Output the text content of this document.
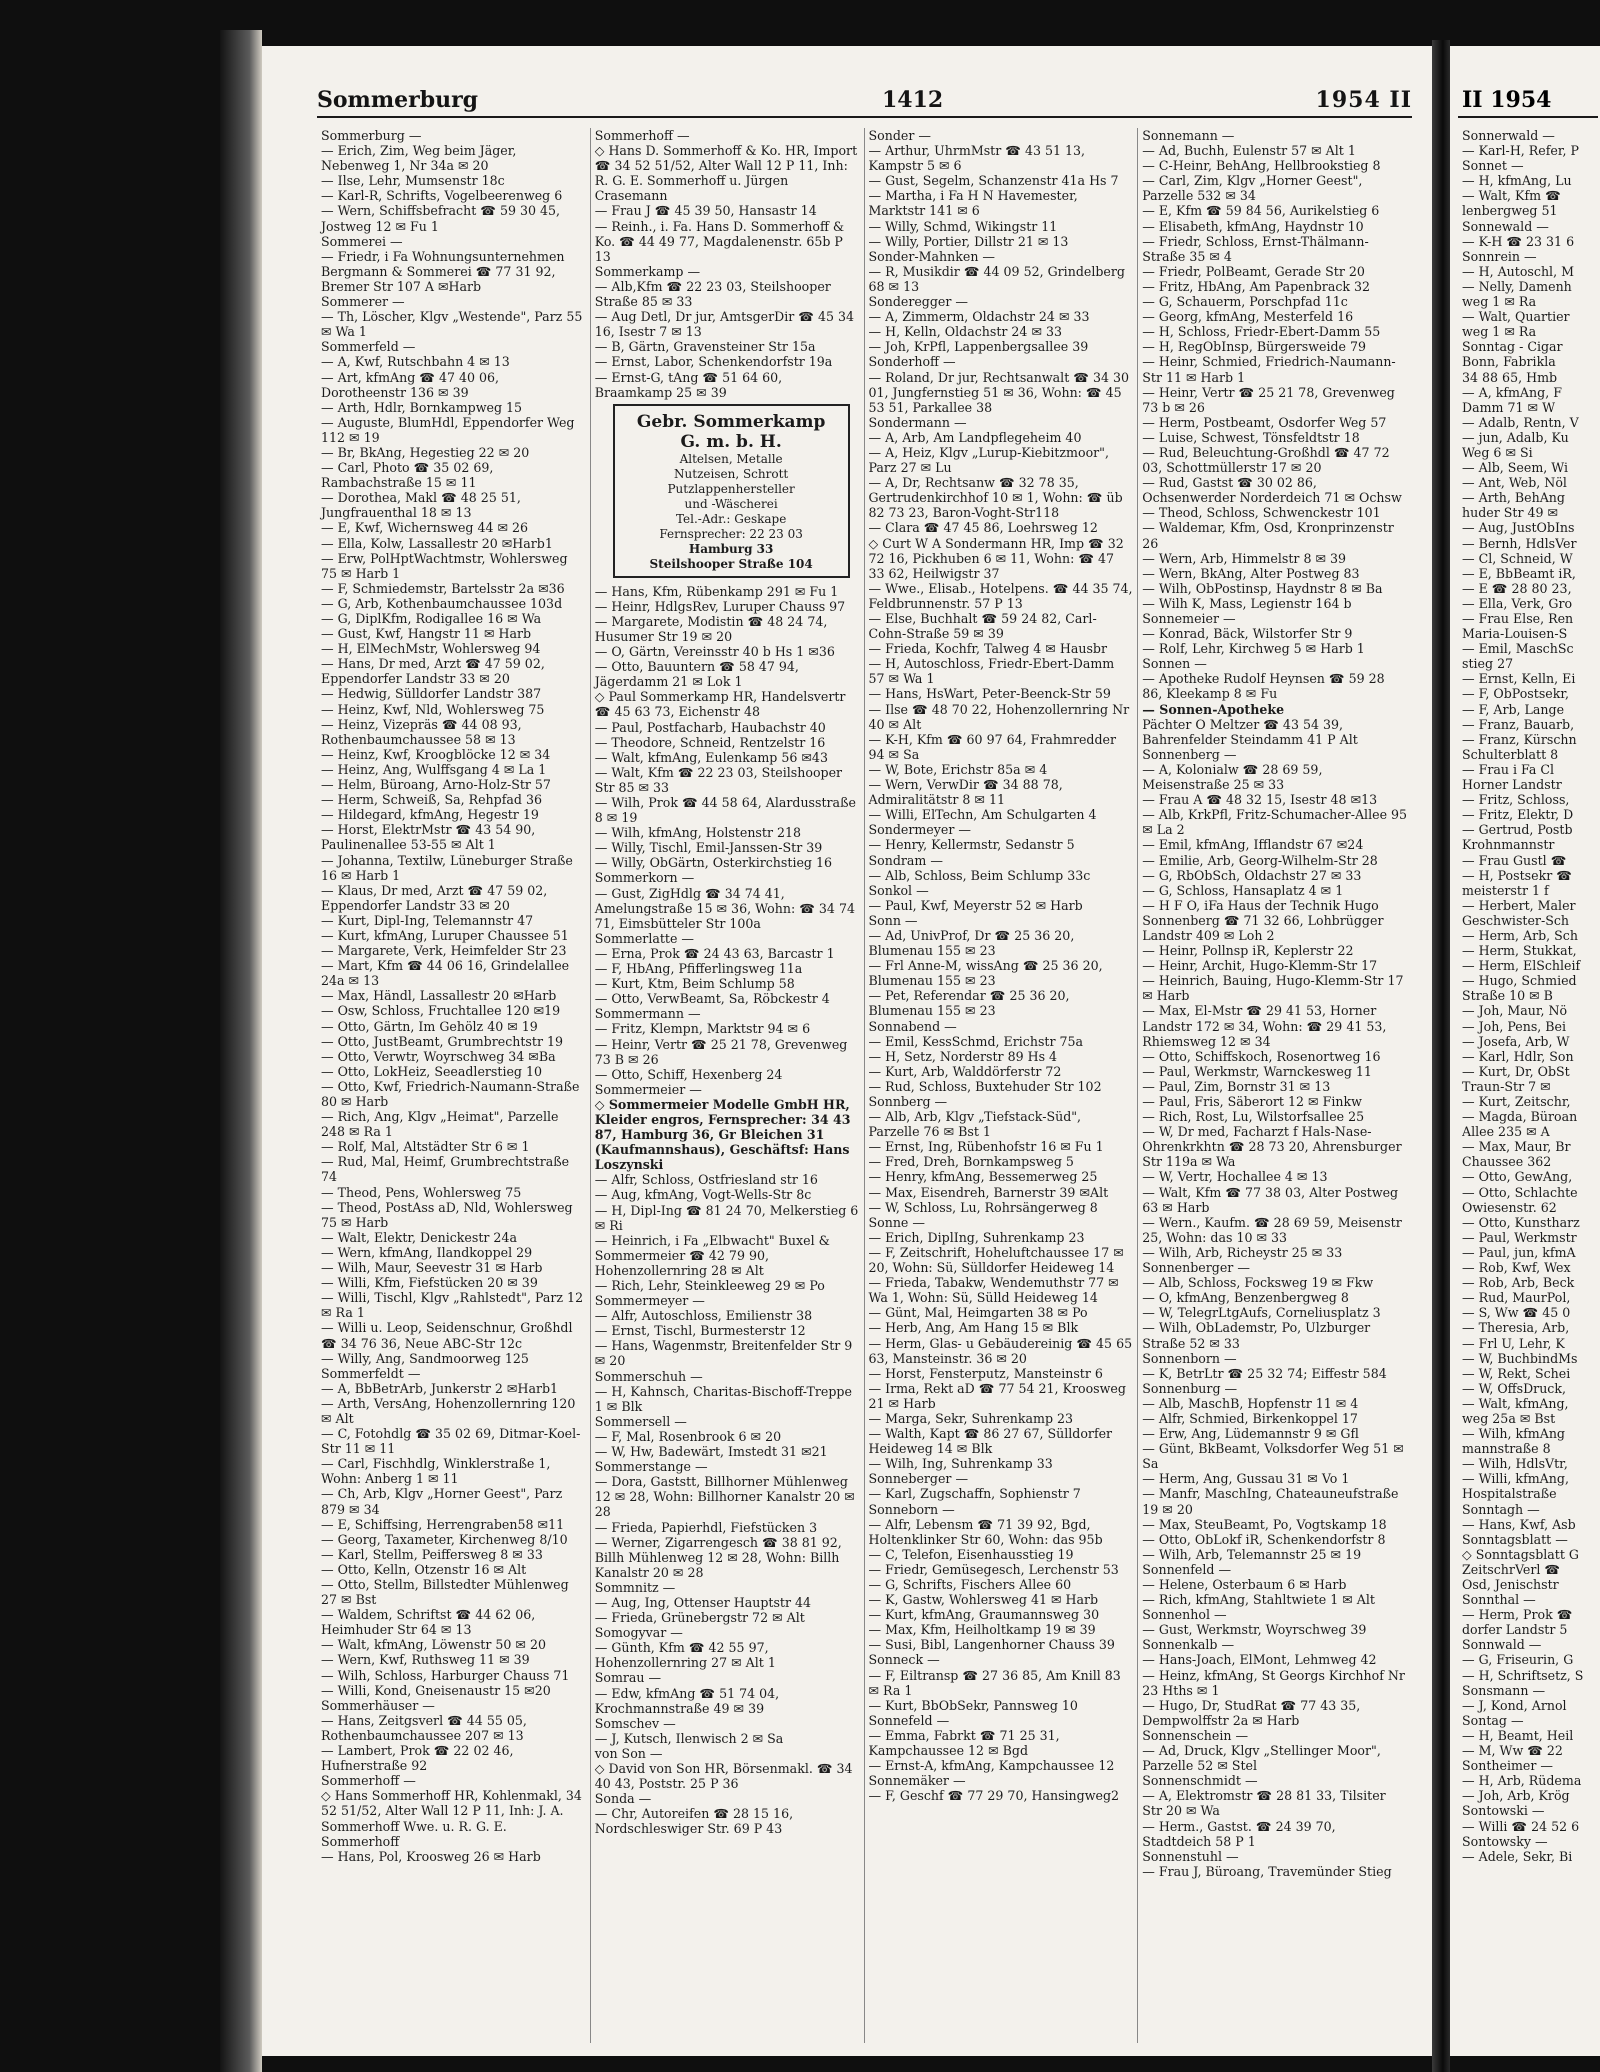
Sommerburg	1412	1954 II
Sommerburg —
— Erich, Zim, Weg beim Jäger, Nebenweg 1, Nr 34a ✉ 20
— Ilse, Lehr, Mumsenstr 18c
— Karl-R, Schrifts, Vogelbeerenweg 6
— Wern, Schiffsbefracht ☎ 59 30 45, Jostweg 12 ✉ Fu 1
Sommerei —
— Friedr, i Fa Wohnungsunternehmen Bergmann & Sommerei ☎ 77 31 92, Bremer Str 107 A ✉Harb
Sommerer —
— Th, Löscher, Klgv „Westende", Parz 55 ✉ Wa 1
Sommerfeld —
— A, Kwf, Rutschbahn 4 ✉ 13
— Art, kfmAng ☎ 47 40 06, Dorotheenstr 136 ✉ 39
— Arth, Hdlr, Bornkampweg 15
— Auguste, BlumHdl, Eppendorfer Weg 112 ✉ 19
— Br, BkAng, Hegestieg 22 ✉ 20
— Carl, Photo ☎ 35 02 69, Rambachstraße 15 ✉ 11
— Dorothea, Makl ☎ 48 25 51, Jungfrauenthal 18 ✉ 13
— E, Kwf, Wichernsweg 44 ✉ 26
— Ella, Kolw, Lassallestr 20 ✉Harb1
— Erw, PolHptWachtmstr, Wohlersweg 75 ✉ Harb 1
— F, Schmiedemstr, Bartelsstr 2a ✉36
— G, Arb, Kothenbaumchaussee 103d
— G, DiplKfm, Rodigallee 16 ✉ Wa
— Gust, Kwf, Hangstr 11 ✉ Harb
— H, ElMechMstr, Wohlersweg 94
— Hans, Dr med, Arzt ☎ 47 59 02, Eppendorfer Landstr 33 ✉ 20
— Hedwig, Sülldorfer Landstr 387
— Heinz, Kwf, Nld, Wohlersweg 75
— Heinz, Vizepräs ☎ 44 08 93, Rothenbaumchaussee 58 ✉ 13
— Heinz, Kwf, Kroogblöcke 12 ✉ 34
— Heinz, Ang, Wulffsgang 4 ✉ La 1
— Helm, Büroang, Arno-Holz-Str 57
— Herm, Schweiß, Sa, Rehpfad 36
— Hildegard, kfmAng, Hegestr 19
— Horst, ElektrMstr ☎ 43 54 90, Paulinenallee 53-55 ✉ Alt 1
— Johanna, Textilw, Lüneburger Straße 16 ✉ Harb 1
— Klaus, Dr med, Arzt ☎ 47 59 02, Eppendorfer Landstr 33 ✉ 20
— Kurt, Dipl-Ing, Telemannstr 47
— Kurt, kfmAng, Luruper Chaussee 51
— Margarete, Verk, Heimfelder Str 23
— Mart, Kfm ☎ 44 06 16, Grindelallee 24a ✉ 13
— Max, Händl, Lassallestr 20 ✉Harb
— Osw, Schloss, Fruchtallee 120 ✉19
— Otto, Gärtn, Im Gehölz 40 ✉ 19
— Otto, JustBeamt, Grumbrechtstr 19
— Otto, Verwtr, Woyrschweg 34 ✉Ba
— Otto, LokHeiz, Seeadlerstieg 10
— Otto, Kwf, Friedrich-Naumann-Straße 80 ✉ Harb
— Rich, Ang, Klgv „Heimat", Parzelle 248 ✉ Ra 1
— Rolf, Mal, Altstädter Str 6 ✉ 1
— Rud, Mal, Heimf, Grumbrechtstraße 74
— Theod, Pens, Wohlersweg 75
— Theod, PostAss aD, Nld, Wohlersweg 75 ✉ Harb
— Walt, Elektr, Denickestr 24a
— Wern, kfmAng, Ilandkoppel 29
— Wilh, Maur, Seevestr 31 ✉ Harb
— Willi, Kfm, Fiefstücken 20 ✉ 39
— Willi, Tischl, Klgv „Rahlstedt", Parz 12 ✉ Ra 1
— Willi u. Leop, Seidenschnur, Großhdl ☎ 34 76 36, Neue ABC-Str 12c
— Willy, Ang, Sandmoorweg 125
Sommerfeldt —
— A, BbBetrArb, Junkerstr 2 ✉Harb1
— Arth, VersAng, Hohenzollernring 120 ✉ Alt
— C, Fotohdlg ☎ 35 02 69, Ditmar-Koel-Str 11 ✉ 11
— Carl, Fischhdlg, Winklerstraße 1, Wohn: Anberg 1 ✉ 11
— Ch, Arb, Klgv „Horner Geest", Parz 879 ✉ 34
— E, Schiffsing, Herrengraben58 ✉11
— Georg, Taxameter, Kirchenweg 8/10
— Karl, Stellm, Peiffersweg 8 ✉ 33
— Otto, Kelln, Otzenstr 16 ✉ Alt
— Otto, Stellm, Billstedter Mühlenweg 27 ✉ Bst
— Waldem, Schriftst ☎ 44 62 06, Heimhuder Str 64 ✉ 13
— Walt, kfmAng, Löwenstr 50 ✉ 20
— Wern, Kwf, Ruthsweg 11 ✉ 39
— Wilh, Schloss, Harburger Chauss 71
— Willi, Kond, Gneisenaustr 15 ✉20
Sommerhäuser —
— Hans, Zeitgsverl ☎ 44 55 05, Rothenbaumchaussee 207 ✉ 13
— Lambert, Prok ☎ 22 02 46, Hufnerstraße 92
Sommerhoff —
◇ Hans Sommerhoff HR, Kohlenmakl, 34 52 51/52, Alter Wall 12 P 11, Inh: J. A. Sommerhoff Wwe. u. R. G. E. Sommerhoff
— Hans, Pol, Kroosweg 26 ✉ Harb
Sommerhoff —
◇ Hans D. Sommerhoff & Ko. HR, Import ☎ 34 52 51/52, Alter Wall 12 P 11, Inh: R. G. E. Sommerhoff u. Jürgen Crasemann
— Frau J ☎ 45 39 50, Hansastr 14
— Reinh., i. Fa. Hans D. Sommerhoff & Ko. ☎ 44 49 77, Magdalenenstr. 65b P 13
Sommerkamp —
— Alb,Kfm ☎ 22 23 03, Steilshooper Straße 85 ✉ 33
— Aug Detl, Dr jur, AmtsgerDir ☎ 45 34 16, Isestr 7 ✉ 13
— B, Gärtn, Gravensteiner Str 15a
— Ernst, Labor, Schenkendorfstr 19a
— Ernst-G, tAng ☎ 51 64 60, Braamkamp 25 ✉ 39
Gebr. Sommerkamp
G. m. b. H.
Altelsen, Metalle
Nutzeisen, Schrott
Putzlappenhersteller
und -Wäscherei
Tel.-Adr.: Geskape
Fernsprecher: 22 23 03
Hamburg 33
Steilshooper Straße 104
— Hans, Kfm, Rübenkamp 291 ✉ Fu 1
— Heinr, HdlgsRev, Luruper Chauss 97
— Margarete, Modistin ☎ 48 24 74, Husumer Str 19 ✉ 20
— O, Gärtn, Vereinsstr 40 b Hs 1 ✉36
— Otto, Bauuntern ☎ 58 47 94, Jägerdamm 21 ✉ Lok 1
◇ Paul Sommerkamp HR, Handelsvertr ☎ 45 63 73, Eichenstr 48
— Paul, Postfacharb, Haubachstr 40
— Theodore, Schneid, Rentzelstr 16
— Walt, kfmAng, Eulenkamp 56 ✉43
— Walt, Kfm ☎ 22 23 03, Steilshooper Str 85 ✉ 33
— Wilh, Prok ☎ 44 58 64, Alardusstraße 8 ✉ 19
— Wilh, kfmAng, Holstenstr 218
— Willy, Tischl, Emil-Janssen-Str 39
— Willy, ObGärtn, Osterkirchstieg 16
Sommerkorn —
— Gust, ZigHdlg ☎ 34 74 41, Amelungstraße 15 ✉ 36, Wohn: ☎ 34 74 71, Eimsbütteler Str 100a
Sommerlatte —
— Erna, Prok ☎ 24 43 63, Barcastr 1
— F, HbAng, Pfifferlingsweg 11a
— Kurt, Ktm, Beim Schlump 58
— Otto, VerwBeamt, Sa, Röbckestr 4
Sommermann —
— Fritz, Klempn, Marktstr 94 ✉ 6
— Heinr, Vertr ☎ 25 21 78, Grevenweg 73 B ✉ 26
— Otto, Schiff, Hexenberg 24
Sommermeier —
◇ Sommermeier Modelle GmbH HR, Kleider engros, Fernsprecher: 34 43 87, Hamburg 36, Gr Bleichen 31 (Kaufmannshaus), Geschäftsf: Hans Loszynski
— Alfr, Schloss, Ostfriesland str 16
— Aug, kfmAng, Vogt-Wells-Str 8c
— H, Dipl-Ing ☎ 81 24 70, Melkerstieg 6 ✉ Ri
— Heinrich, i Fa „Elbwacht" Buxel & Sommermeier ☎ 42 79 90, Hohenzollernring 28 ✉ Alt
— Rich, Lehr, Steinkleeweg 29 ✉ Po
Sommermeyer —
— Alfr, Autoschloss, Emilienstr 38
— Ernst, Tischl, Burmesterstr 12
— Hans, Wagenmstr, Breitenfelder Str 9 ✉ 20
Sommerschuh —
— H, Kahnsch, Charitas-Bischoff-Treppe 1 ✉ Blk
Sommersell —
— F, Mal, Rosenbrook 6 ✉ 20
— W, Hw, Badewärt, Imstedt 31 ✉21
Sommerstange —
— Dora, Gaststt, Billhorner Mühlenweg 12 ✉ 28, Wohn: Billhorner Kanalstr 20 ✉ 28
— Frieda, Papierhdl, Fiefstücken 3
— Werner, Zigarrengesch ☎ 38 81 92, Billh Mühlenweg 12 ✉ 28, Wohn: Billh Kanalstr 20 ✉ 28
Sommnitz —
— Aug, Ing, Ottenser Hauptstr 44
— Frieda, Grünebergstr 72 ✉ Alt
Somogyvar —
— Günth, Kfm ☎ 42 55 97, Hohenzollernring 27 ✉ Alt 1
Somrau —
— Edw, kfmAng ☎ 51 74 04, Krochmannstraße 49 ✉ 39
Somschev —
— J, Kutsch, Ilenwisch 2 ✉ Sa
von Son —
◇ David von Son HR, Börsenmakl. ☎ 34 40 43, Poststr. 25 P 36
Sonda —
— Chr, Autoreifen ☎ 28 15 16, Nordschleswiger Str. 69 P 43
Sonder —
— Arthur, UhrmMstr ☎ 43 51 13, Kampstr 5 ✉ 6
— Gust, Segelm, Schanzenstr 41a Hs 7
— Martha, i Fa H N Havemester, Marktstr 141 ✉ 6
— Willy, Schmd, Wikingstr 11
— Willy, Portier, Dillstr 21 ✉ 13
Sonder-Mahnken —
— R, Musikdir ☎ 44 09 52, Grindelberg 68 ✉ 13
Sonderegger —
— A, Zimmerm, Oldachstr 24 ✉ 33
— H, Kelln, Oldachstr 24 ✉ 33
— Joh, KrPfl, Lappenbergsallee 39
Sonderhoff —
— Roland, Dr jur, Rechtsanwalt ☎ 34 30 01, Jungfernstieg 51 ✉ 36, Wohn: ☎ 45 53 51, Parkallee 38
Sondermann —
— A, Arb, Am Landpflegeheim 40
— A, Heiz, Klgv „Lurup-Kiebitzmoor", Parz 27 ✉ Lu
— A, Dr, Rechtsanw ☎ 32 78 35, Gertrudenkirchhof 10 ✉ 1, Wohn: ☎ üb 82 73 23, Baron-Voght-Str118
— Clara ☎ 47 45 86, Loehrsweg 12
◇ Curt W A Sondermann HR, Imp ☎ 32 72 16, Pickhuben 6 ✉ 11, Wohn: ☎ 47 33 62, Heilwigstr 37
— Wwe., Elisab., Hotelpens. ☎ 44 35 74, Feldbrunnenstr. 57 P 13
— Else, Buchhalt ☎ 59 24 82, Carl-Cohn-Straße 59 ✉ 39
— Frieda, Kochfr, Talweg 4 ✉ Hausbr
— H, Autoschloss, Friedr-Ebert-Damm 57 ✉ Wa 1
— Hans, HsWart, Peter-Beenck-Str 59
— Ilse ☎ 48 70 22, Hohenzollernring Nr 40 ✉ Alt
— K-H, Kfm ☎ 60 97 64, Frahmredder 94 ✉ Sa
— W, Bote, Erichstr 85a ✉ 4
— Wern, VerwDir ☎ 34 88 78, Admiralitätstr 8 ✉ 11
— Willi, ElTechn, Am Schulgarten 4
Sondermeyer —
— Henry, Kellermstr, Sedanstr 5
Sondram —
— Alb, Schloss, Beim Schlump 33c
Sonkol —
— Paul, Kwf, Meyerstr 52 ✉ Harb
Sonn —
— Ad, UnivProf, Dr ☎ 25 36 20, Blumenau 155 ✉ 23
— Frl Anne-M, wissAng ☎ 25 36 20, Blumenau 155 ✉ 23
— Pet, Referendar ☎ 25 36 20, Blumenau 155 ✉ 23
Sonnabend —
— Emil, KessSchmd, Erichstr 75a
— H, Setz, Norderstr 89 Hs 4
— Kurt, Arb, Walddörferstr 72
— Rud, Schloss, Buxtehuder Str 102
Sonnberg —
— Alb, Arb, Klgv „Tiefstack-Süd", Parzelle 76 ✉ Bst 1
— Ernst, Ing, Rübenhofstr 16 ✉ Fu 1
— Fred, Dreh, Bornkampsweg 5
— Henry, kfmAng, Bessemerweg 25
— Max, Eisendreh, Barnerstr 39 ✉Alt
— W, Schloss, Lu, Rohrsängerweg 8
Sonne —
— Erich, DiplIng, Suhrenkamp 23
— F, Zeitschrift, Hoheluftchaussee 17 ✉20, Wohn: Sü, Sülldorfer Heideweg 14
— Frieda, Tabakw, Wendemuthstr 77 ✉ Wa 1, Wohn: Sü, Sülld Heideweg 14
— Günt, Mal, Heimgarten 38 ✉ Po
— Herb, Ang, Am Hang 15 ✉ Blk
— Herm, Glas- u Gebäudereinig ☎ 45 65 63, Mansteinstr. 36 ✉ 20
— Horst, Fensterputz, Mansteinstr 6
— Irma, Rekt aD ☎ 77 54 21, Kroosweg 21 ✉ Harb
— Marga, Sekr, Suhrenkamp 23
— Walth, Kapt ☎ 86 27 67, Sülldorfer Heideweg 14 ✉ Blk
— Wilh, Ing, Suhrenkamp 33
Sonneberger —
— Karl, Zugschaffn, Sophienstr 7
Sonneborn —
— Alfr, Lebensm ☎ 71 39 92, Bgd, Holtenklinker Str 60, Wohn: das 95b
— C, Telefon, Eisenhausstieg 19
— Friedr, Gemüsegesch, Lerchenstr 53
— G, Schrifts, Fischers Allee 60
— K, Gastw, Wohlersweg 41 ✉ Harb
— Kurt, kfmAng, Graumannsweg 30
— Max, Kfm, Heilholtkamp 19 ✉ 39
— Susi, Bibl, Langenhorner Chauss 39
Sonneck —
— F, Eiltransp ☎ 27 36 85, Am Knill 83 ✉ Ra 1
— Kurt, BbObSekr, Pannsweg 10
Sonnefeld —
— Emma, Fabrkt ☎ 71 25 31, Kampchaussee 12 ✉ Bgd
— Ernst-A, kfmAng, Kampchaussee 12
Sonnemäker —
— F, Geschf ☎ 77 29 70, Hansingweg2
Sonnemann —
— Ad, Buchh, Eulenstr 57 ✉ Alt 1
— C-Heinr, BehAng, Hellbrookstieg 8
— Carl, Zim, Klgv „Horner Geest", Parzelle 532 ✉ 34
— E, Kfm ☎ 59 84 56, Aurikelstieg 6
— Elisabeth, kfmAng, Haydnstr 10
— Friedr, Schloss, Ernst-Thälmann-Straße 35 ✉ 4
— Friedr, PolBeamt, Gerade Str 20
— Fritz, HbAng, Am Papenbrack 32
— G, Schauerm, Porschpfad 11c
— Georg, kfmAng, Mesterfeld 16
— H, Schloss, Friedr-Ebert-Damm 55
— H, RegObInsp, Bürgersweide 79
— Heinr, Schmied, Friedrich-Naumann-Str 11 ✉ Harb 1
— Heinr, Vertr ☎ 25 21 78, Grevenweg 73 b ✉ 26
— Herm, Postbeamt, Osdorfer Weg 57
— Luise, Schwest, Tönsfeldtstr 18
— Rud, Beleuchtung-Großhdl ☎ 47 72 03, Schottmüllerstr 17 ✉ 20
— Rud, Gastst ☎ 30 02 86, Ochsenwerder Norderdeich 71 ✉ Ochsw
— Theod, Schloss, Schwenckestr 101
— Waldemar, Kfm, Osd, Kronprinzenstr 26
— Wern, Arb, Himmelstr 8 ✉ 39
— Wern, BkAng, Alter Postweg 83
— Wilh, ObPostinsp, Haydnstr 8 ✉ Ba
— Wilh K, Mass, Legienstr 164 b
Sonnemeier —
— Konrad, Bäck, Wilstorfer Str 9
— Rolf, Lehr, Kirchweg 5 ✉ Harb 1
Sonnen —
— Apotheke Rudolf Heynsen ☎ 59 28 86, Kleekamp 8 ✉ Fu
— Sonnen-Apotheke
Pächter O Meltzer ☎ 43 54 39, Bahrenfelder Steindamm 41 P Alt
Sonnenberg —
— A, Kolonialw ☎ 28 69 59, Meisenstraße 25 ✉ 33
— Frau A ☎ 48 32 15, Isestr 48 ✉13
— Alb, KrkPfl, Fritz-Schumacher-Allee 95 ✉ La 2
— Emil, kfmAng, Ifflandstr 67 ✉24
— Emilie, Arb, Georg-Wilhelm-Str 28
— G, RbObSch, Oldachstr 27 ✉ 33
— G, Schloss, Hansaplatz 4 ✉ 1
— H F O, iFa Haus der Technik Hugo Sonnenberg ☎ 71 32 66, Lohbrügger Landstr 409 ✉ Loh 2
— Heinr, Pollnsp iR, Keplerstr 22
— Heinr, Archit, Hugo-Klemm-Str 17
— Heinrich, Bauing, Hugo-Klemm-Str 17 ✉ Harb
— Max, El-Mstr ☎ 29 41 53, Horner Landstr 172 ✉ 34, Wohn: ☎ 29 41 53, Rhiemsweg 12 ✉ 34
— Otto, Schiffskoch, Rosenortweg 16
— Paul, Werkmstr, Warnckesweg 11
— Paul, Zim, Bornstr 31 ✉ 13
— Paul, Fris, Säberort 12 ✉ Finkw
— Rich, Rost, Lu, Wilstorfsallee 25
— W, Dr med, Facharzt f Hals-Nase-Ohrenkrkhtn ☎ 28 73 20, Ahrensburger Str 119a ✉ Wa
— W, Vertr, Hochallee 4 ✉ 13
— Walt, Kfm ☎ 77 38 03, Alter Postweg 63 ✉ Harb
— Wern., Kaufm. ☎ 28 69 59, Meisenstr 25, Wohn: das 10 ✉ 33
— Wilh, Arb, Richeystr 25 ✉ 33
Sonnenberger —
— Alb, Schloss, Focksweg 19 ✉ Fkw
— O, kfmAng, Benzenbergweg 8
— W, TelegrLtgAufs, Corneliusplatz 3
— Wilh, ObLademstr, Po, Ulzburger Straße 52 ✉ 33
Sonnenborn —
— K, BetrLtr ☎ 25 32 74; Eiffestr 584
Sonnenburg —
— Alb, MaschB, Hopfenstr 11 ✉ 4
— Alfr, Schmied, Birkenkoppel 17
— Erw, Ang, Lüdemannstr 9 ✉ Gfl
— Günt, BkBeamt, Volksdorfer Weg 51 ✉ Sa
— Herm, Ang, Gussau 31 ✉ Vo 1
— Manfr, MaschIng, Chateauneufstraße 19 ✉ 20
— Max, SteuBeamt, Po, Vogtskamp 18
— Otto, ObLokf iR, Schenkendorfstr 8
— Wilh, Arb, Telemannstr 25 ✉ 19
Sonnenfeld —
— Helene, Osterbaum 6 ✉ Harb
— Rich, kfmAng, Stahltwiete 1 ✉ Alt
Sonnenhol —
— Gust, Werkmstr, Woyrschweg 39
Sonnenkalb —
— Hans-Joach, ElMont, Lehmweg 42
— Heinz, kfmAng, St Georgs Kirchhof Nr 23 Hths ✉ 1
— Hugo, Dr, StudRat ☎ 77 43 35, Dempwolffstr 2a ✉ Harb
Sonnenschein —
— Ad, Druck, Klgv „Stellinger Moor", Parzelle 52 ✉ Stel
Sonnenschmidt —
— A, Elektromstr ☎ 28 81 33, Tilsiter Str 20 ✉ Wa
— Herm., Gastst. ☎ 24 39 70, Stadtdeich 58 P 1
Sonnenstuhl —
— Frau J, Büroang, Travemünder Stieg
II 1954
Sonnerwald —
— Karl-H, Refer, P
Sonnet —
— H, kfmAng, Lu
— Walt, Kfm ☎
lenbergweg 51
Sonnewald —
— K-H ☎ 23 31 6
Sonnrein —
— H, Autoschl, M
— Nelly, Damenh
weg 1 ✉ Ra
— Walt, Quartier
weg 1 ✉ Ra
Sonntag - Cigar
Bonn, Fabrikla
34 88 65, Hmb
— A, kfmAng, F
Damm 71 ✉ W
— Adalb, Rentn, V
— jun, Adalb, Ku
Weg 6 ✉ Si
— Alb, Seem, Wi
— Ant, Web, Nöl
— Arth, BehAng
huder Str 49 ✉
— Aug, JustObIns
— Bernh, HdlsVer
— Cl, Schneid, W
— E, BbBeamt iR,
— E ☎ 28 80 23,
— Ella, Verk, Gro
— Frau Else, Ren
Maria-Louisen-S
— Emil, MaschSc
stieg 27
— Ernst, Kelln, Ei
— F, ObPostsekr,
— F, Arb, Lange
— Franz, Bauarb,
— Franz, Kürschn
Schulterblatt 8
— Frau i Fa Cl
Horner Landstr
— Fritz, Schloss,
— Fritz, Elektr, D
— Gertrud, Postb
Krohnmannstr
— Frau Gustl ☎
— H, Postsekr ☎
meisterstr 1 f
— Herbert, Maler
Geschwister-Sch
— Herm, Arb, Sch
— Herm, Stukkat,
— Herm, ElSchleif
— Hugo, Schmied
Straße 10 ✉ B
— Joh, Maur, Nö
— Joh, Pens, Bei
— Josefa, Arb, W
— Karl, Hdlr, Son
— Kurt, Dr, ObSt
Traun-Str 7 ✉
— Kurt, Zeitschr,
— Magda, Büroan
Allee 235 ✉ A
— Max, Maur, Br
Chaussee 362
— Otto, GewAng,
— Otto, Schlachte
Owiesenstr. 62
— Otto, Kunstharz
— Paul, Werkmstr
— Paul, jun, kfmA
— Rob, Kwf, Wex
— Rob, Arb, Beck
— Rud, MaurPol,
— S, Ww ☎ 45 0
— Theresia, Arb,
— Frl U, Lehr, K
— W, BuchbindMs
— W, Rekt, Schei
— W, OffsDruck,
— Walt, kfmAng,
weg 25a ✉ Bst
— Wilh, kfmAng
mannstraße 8
— Wilh, HdlsVtr,
— Willi, kfmAng,
Hospitalstraße
Sonntagh —
— Hans, Kwf, Asb
Sonntagsblatt —
◇ Sonntagsblatt G
ZeitschrVerl ☎
Osd, Jenischstr
Sonnthal —
— Herm, Prok ☎
dorfer Landstr 5
Sonnwald —
— G, Friseurin, G
— H, Schriftsetz, S
Sonsmann —
— J, Kond, Arnol
Sontag —
— H, Beamt, Heil
— M, Ww ☎ 22
Sontheimer —
— H, Arb, Rüdema
— Joh, Arb, Krög
Sontowski —
— Willi ☎ 24 52 6
Sontowsky —
— Adele, Sekr, Bi
